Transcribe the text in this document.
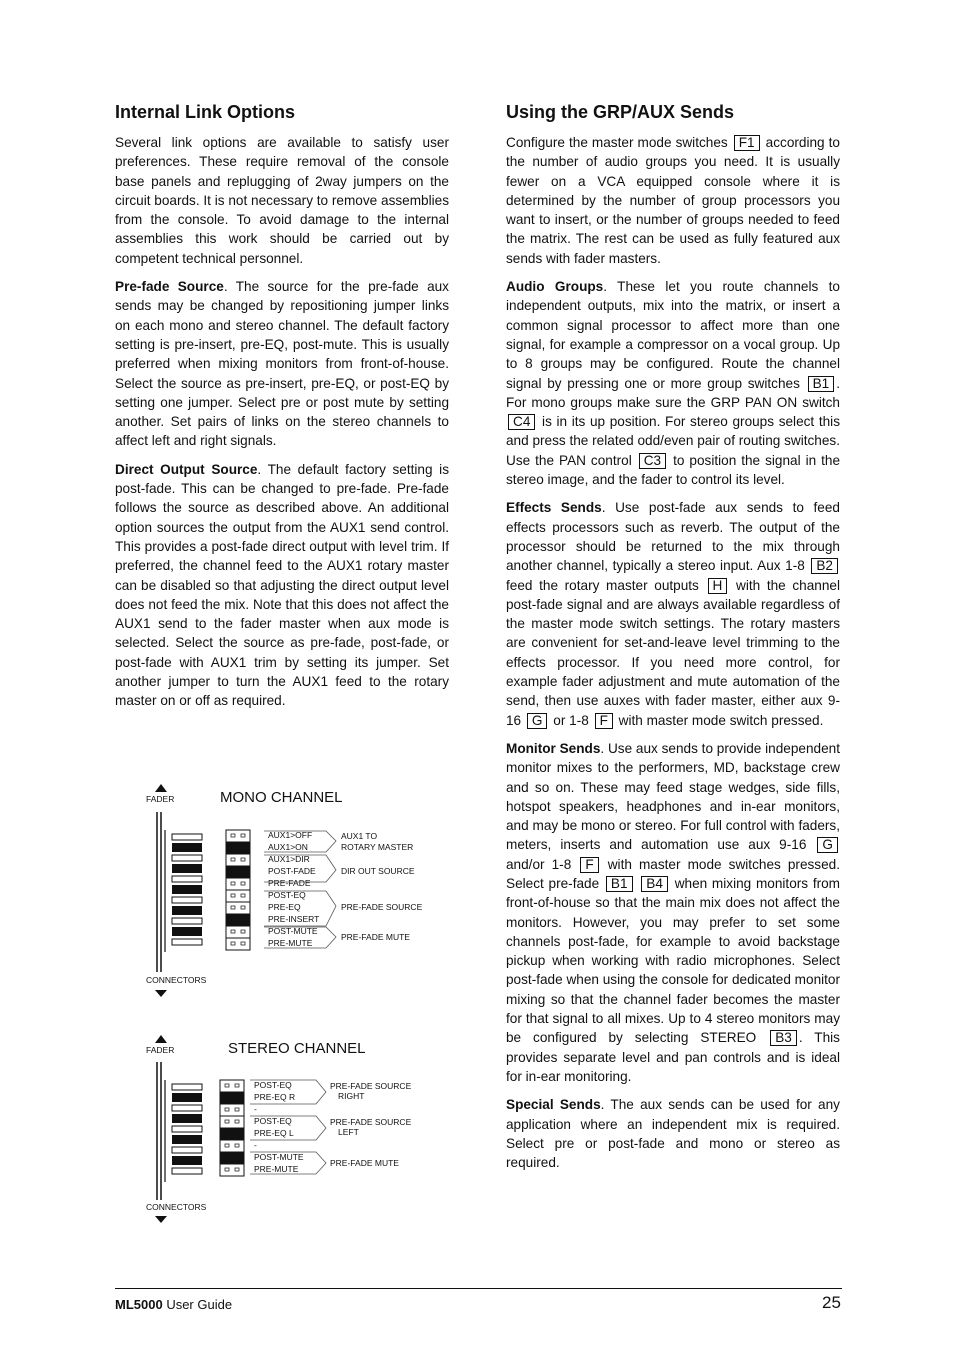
Internal Link Options

Several link options are available to satisfy user preferences. These require removal of the console base panels and replugging of 2way jumpers on the circuit boards. It is not necessary to remove assemblies from the console. To avoid damage to the internal assemblies this work should be carried out by competent technical personnel.

Pre-fade Source. The source for the pre-fade aux sends may be changed by repositioning jumper links on each mono and stereo channel. The default factory setting is pre-insert, pre-EQ, post-mute. This is usually preferred when mixing monitors from front-of-house. Select the source as pre-insert, pre-EQ, or post-EQ by setting one jumper. Select pre or post mute by setting another. Set pairs of links on the stereo channels to affect left and right signals.

Direct Output Source. The default factory setting is post-fade. This can be changed to pre-fade. Pre-fade follows the source as described above. An additional option sources the output from the AUX1 send control. This provides a post-fade direct output with level trim. If preferred, the channel feed to the AUX1 rotary master can be disabled so that adjusting the direct output level does not feed the mix. Note that this does not affect the AUX1 send to the fader master when aux mode is selected. Select the source as pre-fade, post-fade, or post-fade with AUX1 trim by setting its jumper. Set another jumper to turn the AUX1 feed to the rotary master on or off as required.

FADER	MONO CHANNEL
AUX1>OFF
AUX1>ON
AUX1>DIR
POST-FADE
PRE-FADE
POST-EQ
PRE-EQ
PRE-INSERT
POST-MUTE
PRE-MUTE
AUX1 TO
ROTARY MASTER
DIR OUT SOURCE
PRE-FADE SOURCE
PRE-FADE MUTE
CONNECTORS
FADER	STEREO CHANNEL
POST-EQ
PRE-EQ R
-
POST-EQ
PRE-EQ L
-
POST-MUTE
PRE-MUTE
PRE-FADE SOURCE
RIGHT
PRE-FADE SOURCE
LEFT
PRE-FADE MUTE
CONNECTORS
Using the GRP/AUX Sends

Configure the master mode switches F1 according to the number of audio groups you need. It is usually fewer on a VCA equipped console where it is determined by the number of group processors you want to insert, or the number of groups needed to feed the matrix. The rest can be used as fully featured aux sends with fader masters.

Audio Groups. These let you route channels to independent outputs, mix into the matrix, or insert a common signal processor to affect more than one signal, for example a compressor on a vocal group. Up to 8 groups may be configured. Route the channel signal by pressing one or more group switches B1 . For mono groups make sure the GRP PAN ON switch C4 is in its up position. For stereo groups select this and press the related odd/even pair of routing switches. Use the PAN control C3 to position the signal in the stereo image, and the fader to control its level.

Effects Sends. Use post-fade aux sends to feed effects processors such as reverb. The output of the processor should be returned to the mix through another channel, typically a stereo input. Aux 1-8 B2 feed the rotary master outputs H with the channel post-fade signal and are always available regardless of the master mode switch settings. The rotary masters are convenient for set-and-leave level trimming to the effects processor. If you need more control, for example fader adjustment and mute automation of the send, then use auxes with fader master, either aux 9-16 G or 1-8 F with master mode switch pressed.

Monitor Sends. Use aux sends to provide independent monitor mixes to the performers, MD, backstage crew and so on. These may feed stage wedges, side fills, hotspot speakers, headphones and in-ear monitors, and may be mono or stereo. For full control with faders, meters, inserts and automation use aux 9-16 G and/or 1-8 F with master mode switches pressed. Select pre-fade B1 B4 when mixing monitors from front-of-house so that the main mix does not affect the monitors. However, you may prefer to set some channels post-fade, for example to avoid backstage pickup when working with radio microphones. Select post-fade when using the console for dedicated monitor mixing so that the channel fader becomes the master for that signal to all mixes. Up to 4 stereo monitors may be configured by selecting STEREO B3 . This provides separate level and pan controls and is ideal for in-ear monitoring.

Special Sends. The aux sends can be used for any application where an independent mix is required. Select pre or post-fade and mono or stereo as required.

ML5000 User Guide	25
